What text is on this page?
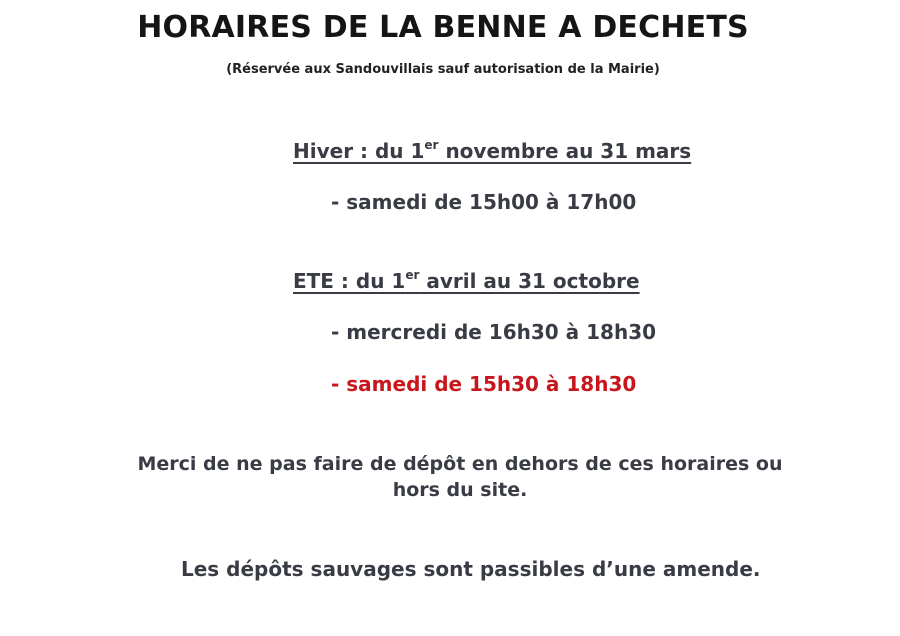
HORAIRES DE LA BENNE A DECHETS

(Réservée aux Sandouvillais sauf autorisation de la Mairie)

Hiver : du 1er novembre au 31 mars
- samedi de 15h00 à 17h00
ETE : du 1er avril au 31 octobre
- mercredi de 16h30 à 18h30
- samedi de 15h30 à 18h30
Merci de ne pas faire de dépôt en dehors de ces horaires ou
hors du site.
Les dépôts sauvages sont passibles d’une amende.
